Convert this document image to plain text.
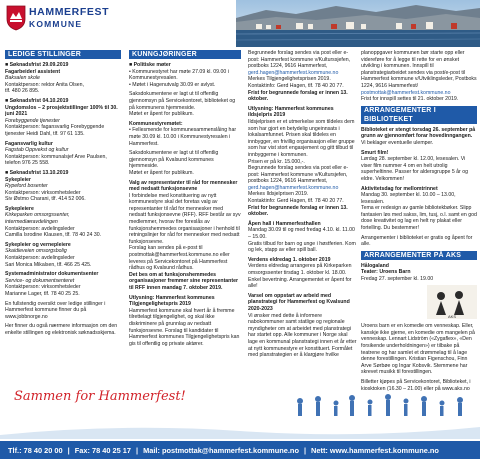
HAMMERFEST
KOMMUNE
LEDIGE STILLINGER
■ Søknadsfrist 29.09.2019
Fagarbeider/ assistent
Baksalen skole
Kontaktperson: rektor Anita Olsen,
tlf. 480 26 895.
■ Søknadsfrist 04.10.2019
Ungdomslos – 2 prosjektstillinger 100% til 30. juni 2021
Forebyggende tjenester
Kontaktperson: fagansvarlig Forebyggende tjenester Heidi Dahl, tlf. 97 61 135.
Fagansvarlig kultur
Fagstab Oppvekst og kultur
Kontaktperson: kommunalsjef Arve Paulsen, telefon 976 25 558.
■ Søknadsfrist 13.10.2019
Sykepleier
Rypeford bosenter
Kontaktperson: virksomhetsleder
Siv Østmo Charani, tlf. 414 52 006.
Sykepleiere
Kirkeparken omsorgssenter, intermediæravdelingen
Kontaktperson: avdelingsleder
Camilla Isrodine Klausen, tlf. 78 40 24 30.
Sykepleier og vernepleiere
Skaidieveien omsorgsbolig
Kontaktperson: avdelingsleder
Sari Monica Mikalsen, tlf. 466 25 425.
Systemadministrator dokumentsenter
Service- og dokumentsenteret
Kontaktperson: virksomhetsleder
Marianne Lager, tlf. 78 40 25 25.
En fullstendig oversikt over ledige stillinger i Hammerfest kommune finner du på www.jobbnorge.no
Her finner du også nærmere informasjon om den enkelte stillingen og elektronisk søknadsskjema.
KUNNGJØRINGER
■ Politiske møter
• Kommunestyret har møte 27.09 kl. 09.00 i Kommunestyresalen.
• Møtet i Hagenutvalg 30.09 er avlyst.
Saksdokumentene er lagt ut til offentlig gjennomsyn på Servicekontoret, biblioteket og på kommunens hjemmeside.
Møtet er åpent for publikum.
Kommunestyremøtet:
• Fellesmende for kommunesammenslåing har møte 30.09 kl. 10.00 i Kommunestyresalen i Hammerfest.
Saksdokumentene er lagt ut til offentlig gjennomsyn på Kvalsund kommunes hjemmeside.
Møtet er åpent for publikum.
Valg av representanter til råd for mennesker med nedsatt funksjonsevne
I forbindelse med konstituering av nytt kommunestyre skal det foretas valg av representanter til råd for mennesker med nedsatt funksjonsevne (RFF). RFF består av syv medlemmer, hvorav fire foreslås av funksjonshemmedes organisasjoner i henhold til retningslinjer for råd for mennesker med nedsatt funksjonsevne.
Forslag kan sendes på e-post til postmottak@hammerfest.kommune.no eller leveres på Servicekontoret på Hammerfest rådhus og Kvalsund rådhus.
Det bes om at funksjonshemmedes organisasjoner fremmer sine representanter til RFF innen mandag 7. oktober 2019.
Utlysning: Hammerfest kommunes Tilgjengelighetspris 2019
Hammerfest kommune skal hvert år å fremme tilrettelagt tilgjengelighet, og skal ikke diskriminere på grunnlag av nedsatt funksjonsevne. Forslag til kandidater til Hammerfest kommunes Tilgjengelighetspris kan gis til offentlig og private aktører.
Begrunnede forslag sendes via post eller e-post: Hammerfest kommune v/Kulturssjefen, postboks 1224, 9616 Hammerfest,
gerd.hagen@hammerfest.kommune.no
Merkes Tilgjengelighetsprisen 2019.
Kontaktinfo: Gerd Hagen, tlf. 78 40 20 77.
Frist for begrunnede forslag er innen 13. oktober.
Utlysning: Hammerfest kommunes ildsjelpris 2019
Ildsjelprisen er et utmerkelse som tildeles dem som har gjort en betydelig ungeinnsats i lokalsamfunnet. Prisen skal tildeles en innbygger, en frivillig organisasjon eller gruppe som har vist stort engasjement og gitt tilbud til innbyggerne i kommunen.
Prisen er på kr. 15.000,-.
Begrunnede forslag sendes via post eller e-post: Hammerfest kommune v/Kultursjefen, postboks 1224, 9616 Hammerfest,
gerd.hagen@hammerfest.kommune.no
Merkes Ildsjelprisen 2019.
Kontaktinfo: Gerd Hagen, tlf. 78 40 20 77.
Frist for begrunnede forslag er innen 13. oktober.
Åpen hall i Hammerfesthallen
Mandag 30.09 til og med fredag 4.10. kl. 11.00 – 15.00.
Gratis tilbud for barn og unge i høstferien. Kom og lek, stapp av eller spill ball.
Verdens eldredag 1. oktober 2019
Verdens eldredag arrangeres på Kirkeparken omsorgssenter tirsdag 1. oktober kl. 18.00. Enkel bevertning. Arrangementet er åpent for alle!
Varsel om oppstart av arbeid med planstrategi for Hammerfest og Kvalsund 2020-2023
Vi ønsker med dette å informere nabokommuner samt statlige og regionale myndigheter om at arbeidet med planstrategi har startet opp. Alle kommuner i Norge skal lage en kommunal planstrategi innen et år etter at nytt kommunestyre er konstituert. Formålet med planstrategien er å klargjøre hvilke
planoppgaver kommunen bør starte opp eller videreføre for å legge til rette for en ønsket utvikling i kommunen. Innspill til planstrategiarbeidet sendes via post/e-post til Hammerfest kommune v/Utviklingsleder, Postboks 1224, 9616 Hammerfest/
postmottak@hammerfest.kommune.no
Frist for innspill settes til 21. oktober 2019.
ARRANGEMENTER I BIBLIOTEKET
Biblioteket er stengt torsdag 26. september på grunn av gjennomført forar hovedinngangen.
Vi beklager eventuelle ulemper.
Smurt film!
Lørdag 28. september kl. 12.00, lesesalen. Vi viser film nummer 4 om en helt utrolig superheltinne. Passer for aldersgruppe 5 år og eldre. Velkommen!
Aktivitetsdag for mellomtrinnet
Mandag 30. september kl. 10.00 – 13.00, lesesalen.
Tema er redesign av gamle bibliotekbøker. Slipp fantasien løs med sakss, lim, tusj, o.l. samt en god dose kreativitet og lag en helt ny plakat eller fortelling. Du bestemmer!
Arrangementer i biblioteket er gratis og åpent for alle.
ARRANGEMENTER PÅ AKS
Hålogaland
Teater: Uroens Barn
Fredag 27. september kl. 19.00
AKS
Uroens barn er en komedie om venneskap. Eller, kanskje ikke gjerne, en komedie om mangelen på venneskap. Lennart Lidström («Zygaflex», «Den forsikende underholdningen») er tilbake på teatrene og har samlet et drømmelag til å lage denne forestillingen. Kristian Figenschou, Finn Arve Sørbøe og Ingar Kobsvik. Stemmene har skrevet musikk til forestillingen.
Billetter kjøpes på Servicekontoret, Biblioteket, i kiosktoken (16.30 – 21.00) eller på www.aks.no
Sammen for Hammerfest!
Tlf.: 78 40 20 00 | Fax: 78 40 25 17 | Mail: postmottak@hammerfest.kommune.no | Nett: www.hammerfest.kommune.no
